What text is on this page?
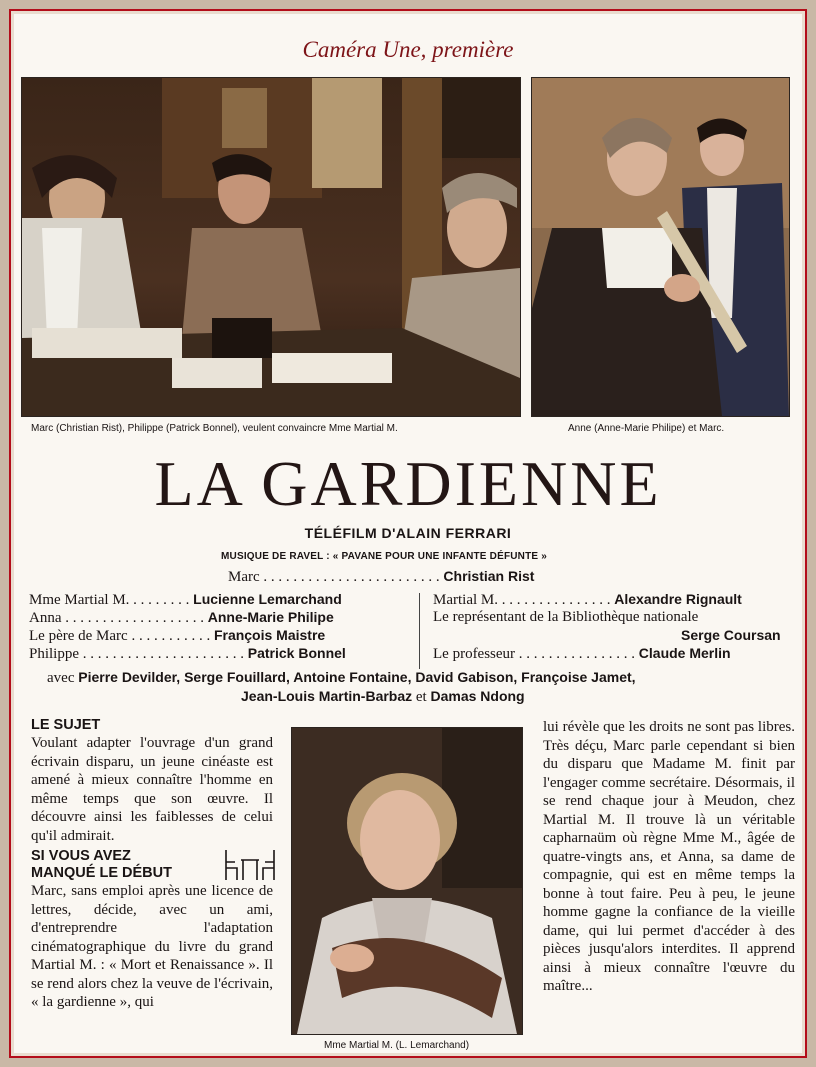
Caméra Une, première
Marc (Christian Rist), Philippe (Patrick Bonnel), veulent convaincre Mme Martial M.	Anne (Anne-Marie Philipe) et Marc.
LA GARDIENNE
TÉLÉFILM D'ALAIN FERRARI
MUSIQUE DE RAVEL : « PAVANE POUR UNE INFANTE DÉFUNTE »
Marc . . . . . . . . . . . . . . . . . . . . . . . . Christian Rist
Mme Martial M. . . . . . . . . Lucienne Lemarchand
Anna . . . . . . . . . . . . . . . . . . . Anne-Marie Philipe
Le père de Marc . . . . . . . . . . . François Maistre
Philippe . . . . . . . . . . . . . . . . . . . . . . Patrick Bonnel
Martial M. . . . . . . . . . . . . . . . Alexandre Rignault
Le représentant de la Bibliothèque nationale
Serge Coursan
Le professeur . . . . . . . . . . . . . . . . Claude Merlin
avec Pierre Devilder, Serge Fouillard, Antoine Fontaine, David Gabison, Françoise Jamet,
Jean-Louis Martin-Barbaz et Damas Ndong
LE SUJET
Voulant adapter l'ouvrage d'un grand écrivain disparu, un jeune cinéaste est amené à mieux connaître l'homme en même temps que son œuvre. Il découvre ainsi les faiblesses de celui qu'il admirait.
SI VOUS AVEZ
MANQUÉ LE DÉBUT
Marc, sans emploi après une licence de lettres, décide, avec un ami, d'entreprendre l'adaptation cinématographique du livre du grand Martial M. : « Mort et Renaissance ». Il se rend alors chez la veuve de l'écrivain, « la gardienne », qui
Mme Martial M. (L. Lemarchand)
lui révèle que les droits ne sont pas libres. Très déçu, Marc parle cependant si bien du disparu que Madame M. finit par l'engager comme secrétaire. Désormais, il se rend chaque jour à Meudon, chez Martial M. Il trouve là un véritable capharnaüm où règne Mme M., âgée de quatre-vingts ans, et Anna, sa dame de compagnie, qui est en même temps la bonne à tout faire. Peu à peu, le jeune homme gagne la confiance de la vieille dame, qui lui permet d'accéder à des pièces jusqu'alors interdites. Il apprend ainsi à mieux connaître l'œuvre du maître...
